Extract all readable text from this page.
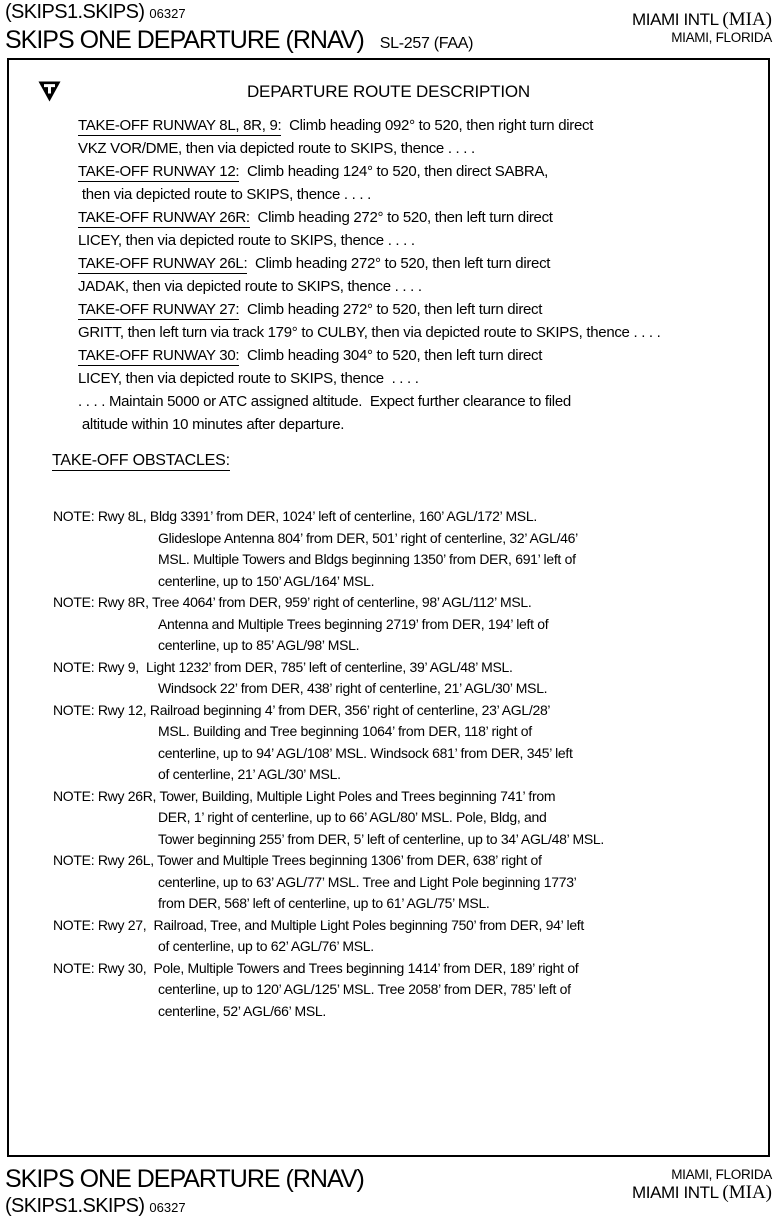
(SKIPS1.SKIPS) 06327
SKIPS ONE DEPARTURE (RNAV) SL-257 (FAA)
MIAMI INTL (MIA)
MIAMI, FLORIDA
DEPARTURE ROUTE DESCRIPTION
TAKE-OFF RUNWAY 8L, 8R, 9:  Climb heading 092° to 520, then right turn direct
VKZ VOR/DME, then via depicted route to SKIPS, thence . . . .
TAKE-OFF RUNWAY 12:  Climb heading 124° to 520, then direct SABRA,
then via depicted route to SKIPS, thence . . . .
TAKE-OFF RUNWAY 26R:  Climb heading 272° to 520, then left turn direct
LICEY, then via depicted route to SKIPS, thence . . . .
TAKE-OFF RUNWAY 26L:  Climb heading 272° to 520, then left turn direct
JADAK, then via depicted route to SKIPS, thence . . . .
TAKE-OFF RUNWAY 27:  Climb heading 272° to 520, then left turn direct
GRITT, then left turn via track 179° to CULBY, then via depicted route to SKIPS, thence . . . .
TAKE-OFF RUNWAY 30:  Climb heading 304° to 520, then left turn direct
LICEY, then via depicted route to SKIPS, thence  . . . .
. . . . Maintain 5000 or ATC assigned altitude.  Expect further clearance to filed
altitude within 10 minutes after departure.
TAKE-OFF OBSTACLES:
NOTE: Rwy 8L, Bldg 3391’ from DER, 1024’ left of centerline, 160’ AGL/172’ MSL.
Glideslope Antenna 804’ from DER, 501’ right of centerline, 32’ AGL/46’
MSL. Multiple Towers and Bldgs beginning 1350’ from DER, 691’ left of
centerline, up to 150’ AGL/164’ MSL.
NOTE: Rwy 8R, Tree 4064’ from DER, 959’ right of centerline, 98’ AGL/112’ MSL.
Antenna and Multiple Trees beginning 2719’ from DER, 194’ left of
centerline, up to 85’ AGL/98’ MSL.
NOTE: Rwy 9,  Light 1232’ from DER, 785’ left of centerline, 39’ AGL/48’ MSL.
Windsock 22’ from DER, 438’ right of centerline, 21’ AGL/30’ MSL.
NOTE: Rwy 12, Railroad beginning 4’ from DER, 356’ right of centerline, 23’ AGL/28’
MSL. Building and Tree beginning 1064’ from DER, 118’ right of
centerline, up to 94’ AGL/108’ MSL. Windsock 681’ from DER, 345’ left
of centerline, 21’ AGL/30’ MSL.
NOTE: Rwy 26R, Tower, Building, Multiple Light Poles and Trees beginning 741’ from
DER, 1’ right of centerline, up to 66’ AGL/80’ MSL. Pole, Bldg, and
Tower beginning 255’ from DER, 5’ left of centerline, up to 34’ AGL/48’ MSL.
NOTE: Rwy 26L, Tower and Multiple Trees beginning 1306’ from DER, 638’ right of
centerline, up to 63’ AGL/77’ MSL. Tree and Light Pole beginning 1773’
from DER, 568’ left of centerline, up to 61’ AGL/75’ MSL.
NOTE: Rwy 27,  Railroad, Tree, and Multiple Light Poles beginning 750’ from DER, 94’ left
of centerline, up to 62’ AGL/76’ MSL.
NOTE: Rwy 30,  Pole, Multiple Towers and Trees beginning 1414’ from DER, 189’ right of
centerline, up to 120’ AGL/125’ MSL. Tree 2058’ from DER, 785’ left of
centerline, 52’ AGL/66’ MSL.
SKIPS ONE DEPARTURE (RNAV)
(SKIPS1.SKIPS) 06327
MIAMI, FLORIDA
MIAMI INTL (MIA)
